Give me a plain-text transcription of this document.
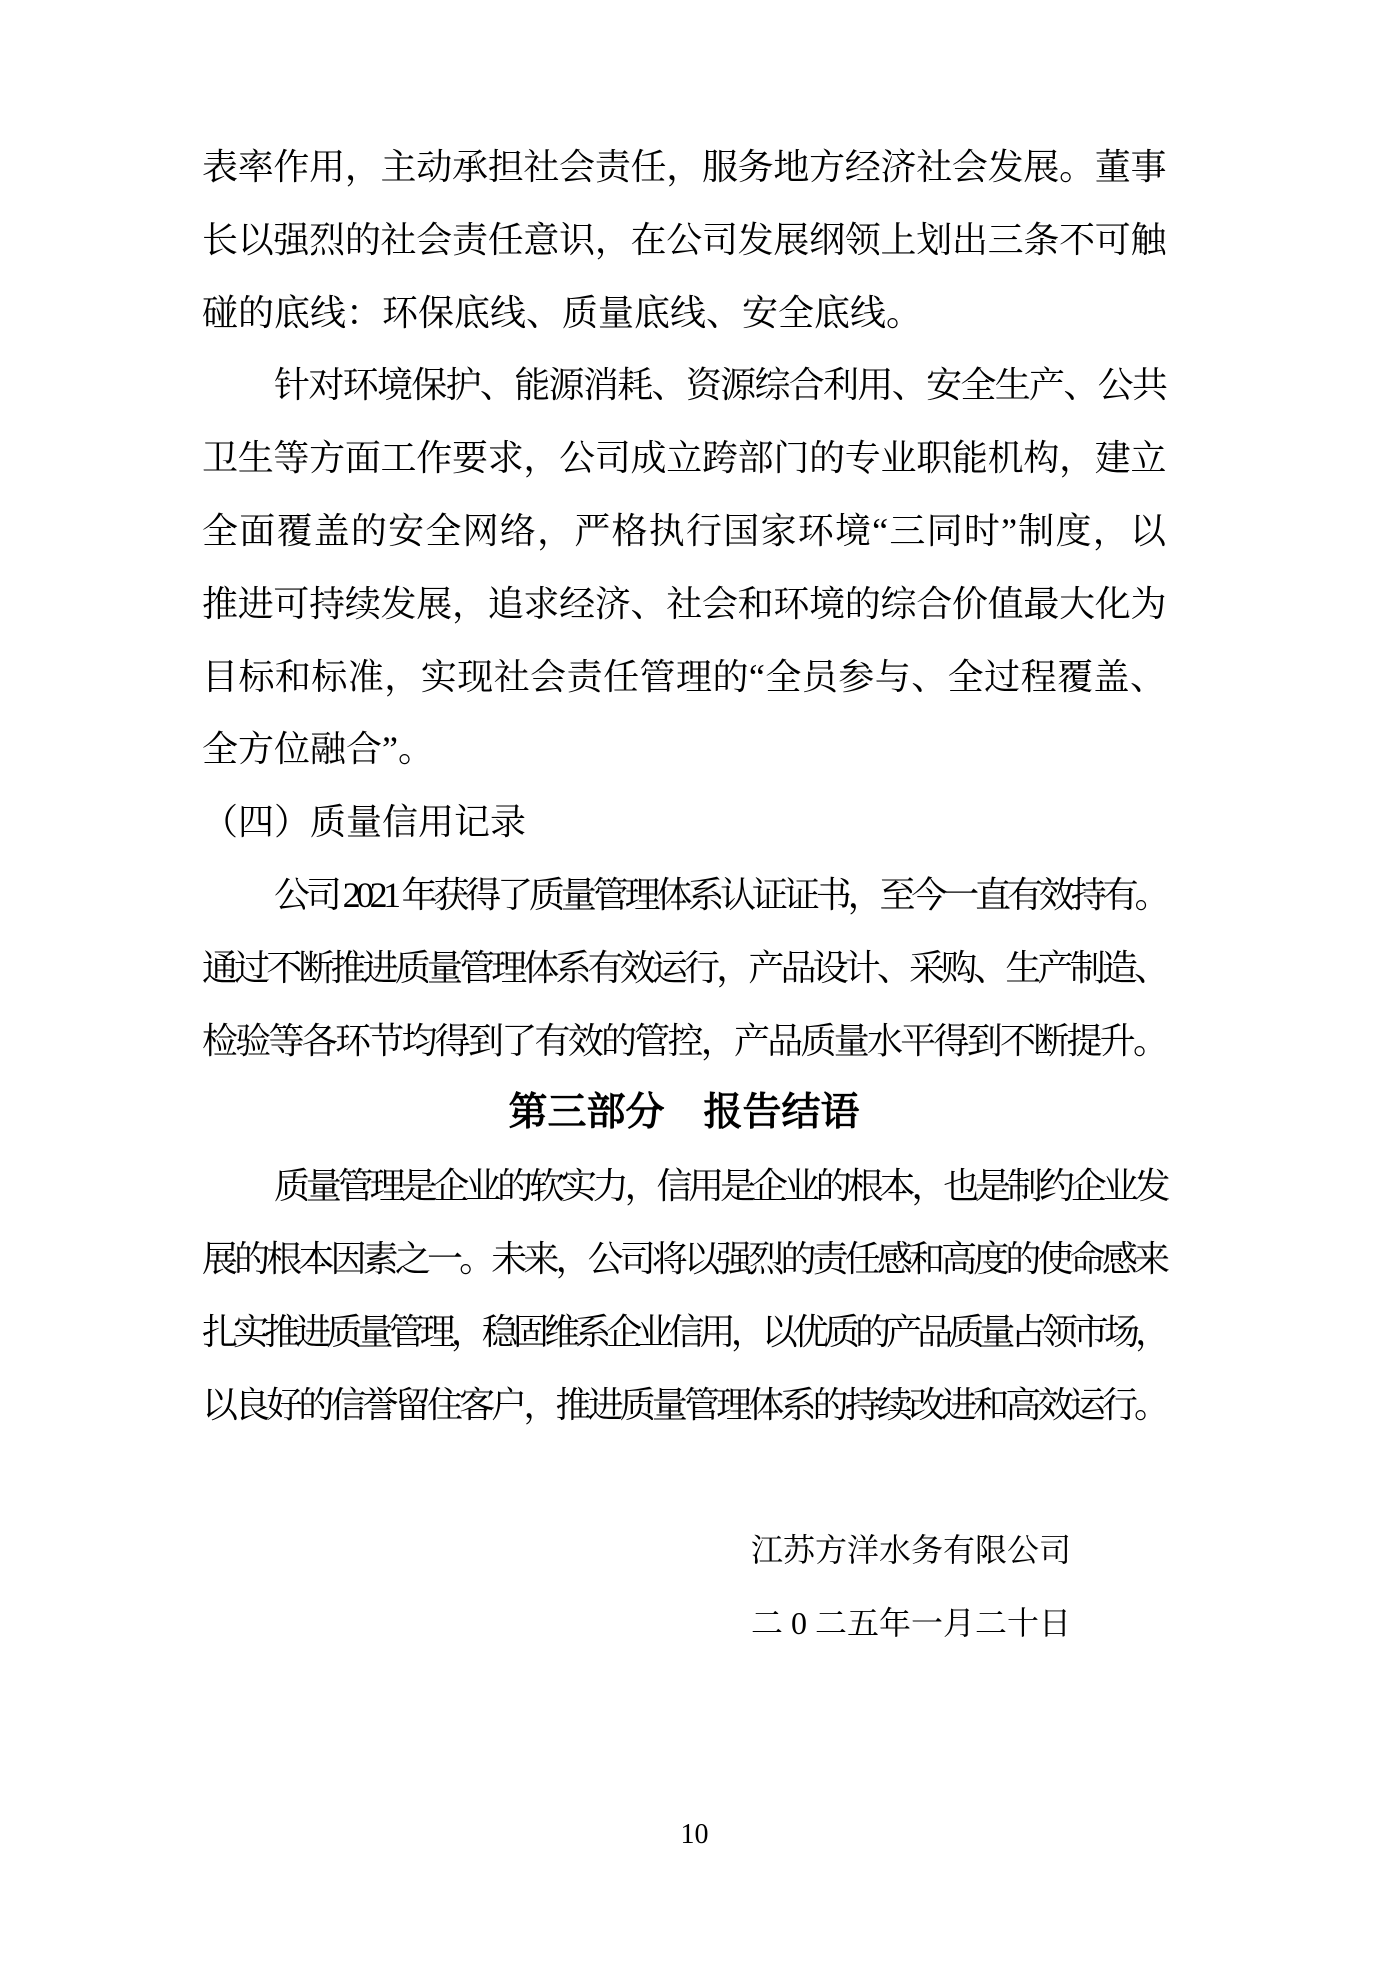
表率作用，主动承担社会责任，服务地方经济社会发展。董事
长以强烈的社会责任意识，在公司发展纲领上划出三条不可触
碰的底线：环保底线、质量底线、安全底线。
针对环境保护、能源消耗、资源综合利用、安全生产、公共
卫生等方面工作要求，公司成立跨部门的专业职能机构，建立
全面覆盖的安全网络，严格执行国家环境“三同时”制度，以
推进可持续发展，追求经济、社会和环境的综合价值最大化为
目标和标准，实现社会责任管理的“全员参与、全过程覆盖、
全方位融合”。
（四）质量信用记录
公司 2021 年获得了质量管理体系认证证书，至今一直有效持有。
通过不断推进质量管理体系有效运行，产品设计、采购、生产制造、
检验等各环节均得到了有效的管控，产品质量水平得到不断提升。
第三部分　报告结语
质量管理是企业的软实力，信用是企业的根本，也是制约企业发
展的根本因素之一。未来，公司将以强烈的责任感和高度的使命感来
扎实推进质量管理，稳固维系企业信用，以优质的产品质量占领市场，
以良好的信誉留住客户，推进质量管理体系的持续改进和高效运行。
江苏方洋水务有限公司
二 0 二五年一月二十日
10
